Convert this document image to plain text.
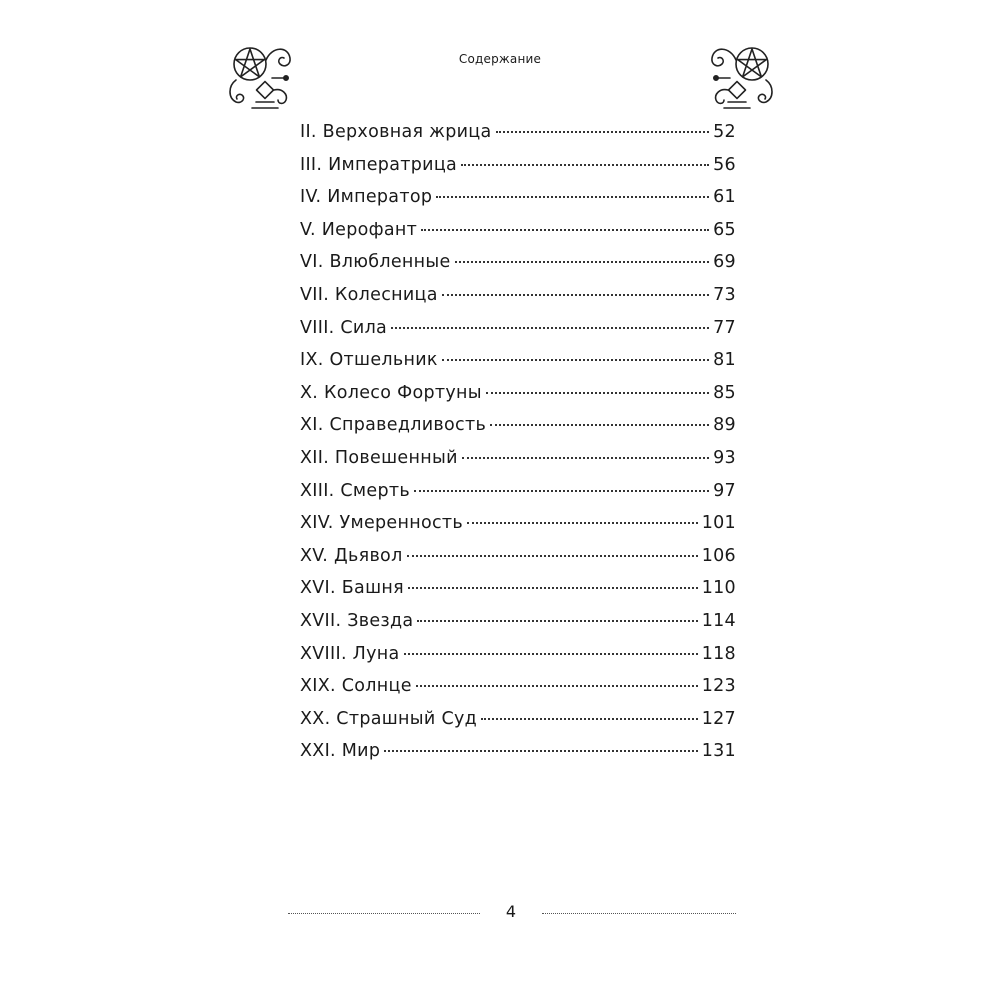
Содержание
II. Верховная жрица	52
III. Императрица	56
IV. Император	61
V. Иерофант	65
VI. Влюбленные	69
VII. Колесница	73
VIII. Сила	77
IX. Отшельник	81
X. Колесо Фортуны	85
XI. Справедливость	89
XII. Повешенный	93
XIII. Смерть	97
XIV. Умеренность	101
XV. Дьявол	106
XVI. Башня	110
XVII. Звезда	114
XVIII. Луна	118
XIX. Солнце	123
XX. Страшный Суд	127
XXI. Мир	131
4
